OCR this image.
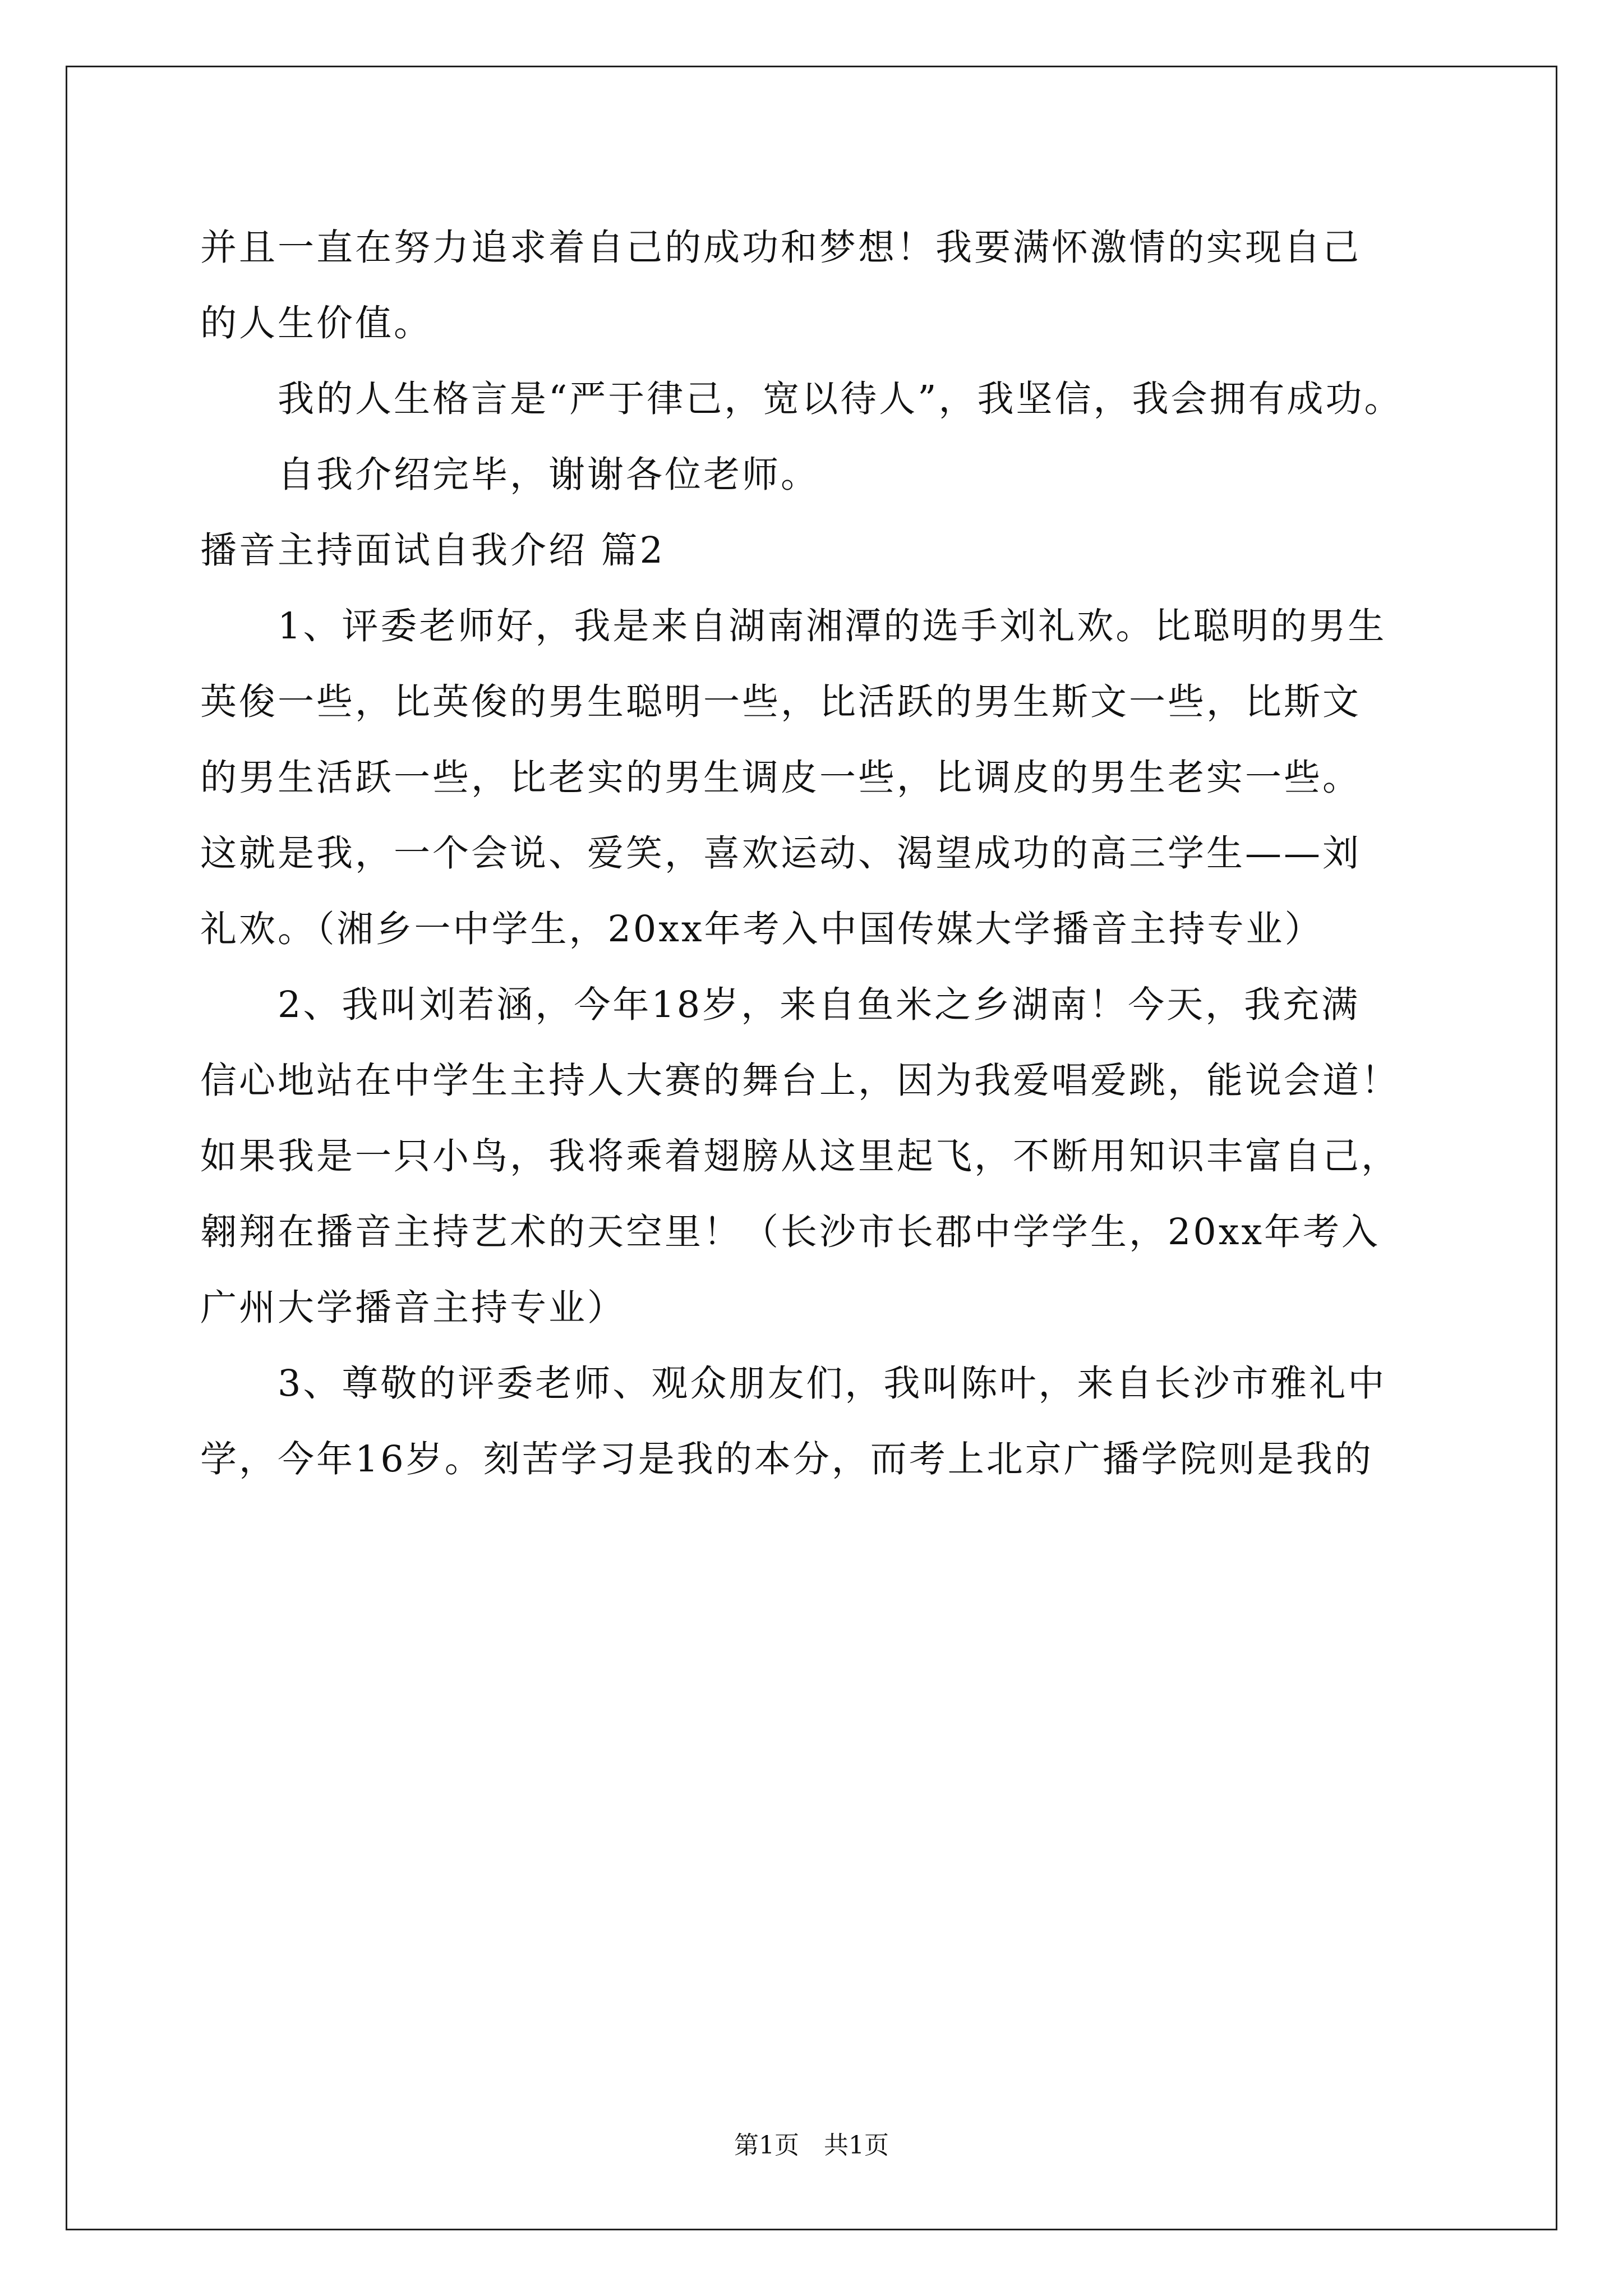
并且一直在努力追求着自己的成功和梦想！我要满怀激情的实现自己
的人生价值。
　　我的人生格言是“严于律己，宽以待人”，我坚信，我会拥有成功。
　　自我介绍完毕，谢谢各位老师。
播音主持面试自我介绍 篇2
　　1、评委老师好，我是来自湖南湘潭的选手刘礼欢。比聪明的男生
英俊一些，比英俊的男生聪明一些，比活跃的男生斯文一些，比斯文
的男生活跃一些，比老实的男生调皮一些，比调皮的男生老实一些。
这就是我，一个会说、爱笑，喜欢运动、渴望成功的高三学生——刘
礼欢。（湘乡一中学生，20xx年考入中国传媒大学播音主持专业）
　　2、我叫刘若涵，今年18岁，来自鱼米之乡湖南！今天，我充满
信心地站在中学生主持人大赛的舞台上，因为我爱唱爱跳，能说会道！
如果我是一只小鸟，我将乘着翅膀从这里起飞，不断用知识丰富自己，
翱翔在播音主持艺术的天空里！（长沙市长郡中学学生，20xx年考入
广州大学播音主持专业）
　　3、尊敬的评委老师、观众朋友们，我叫陈叶，来自长沙市雅礼中
学，今年16岁。刻苦学习是我的本分，而考上北京广播学院则是我的
第1页　共1页
